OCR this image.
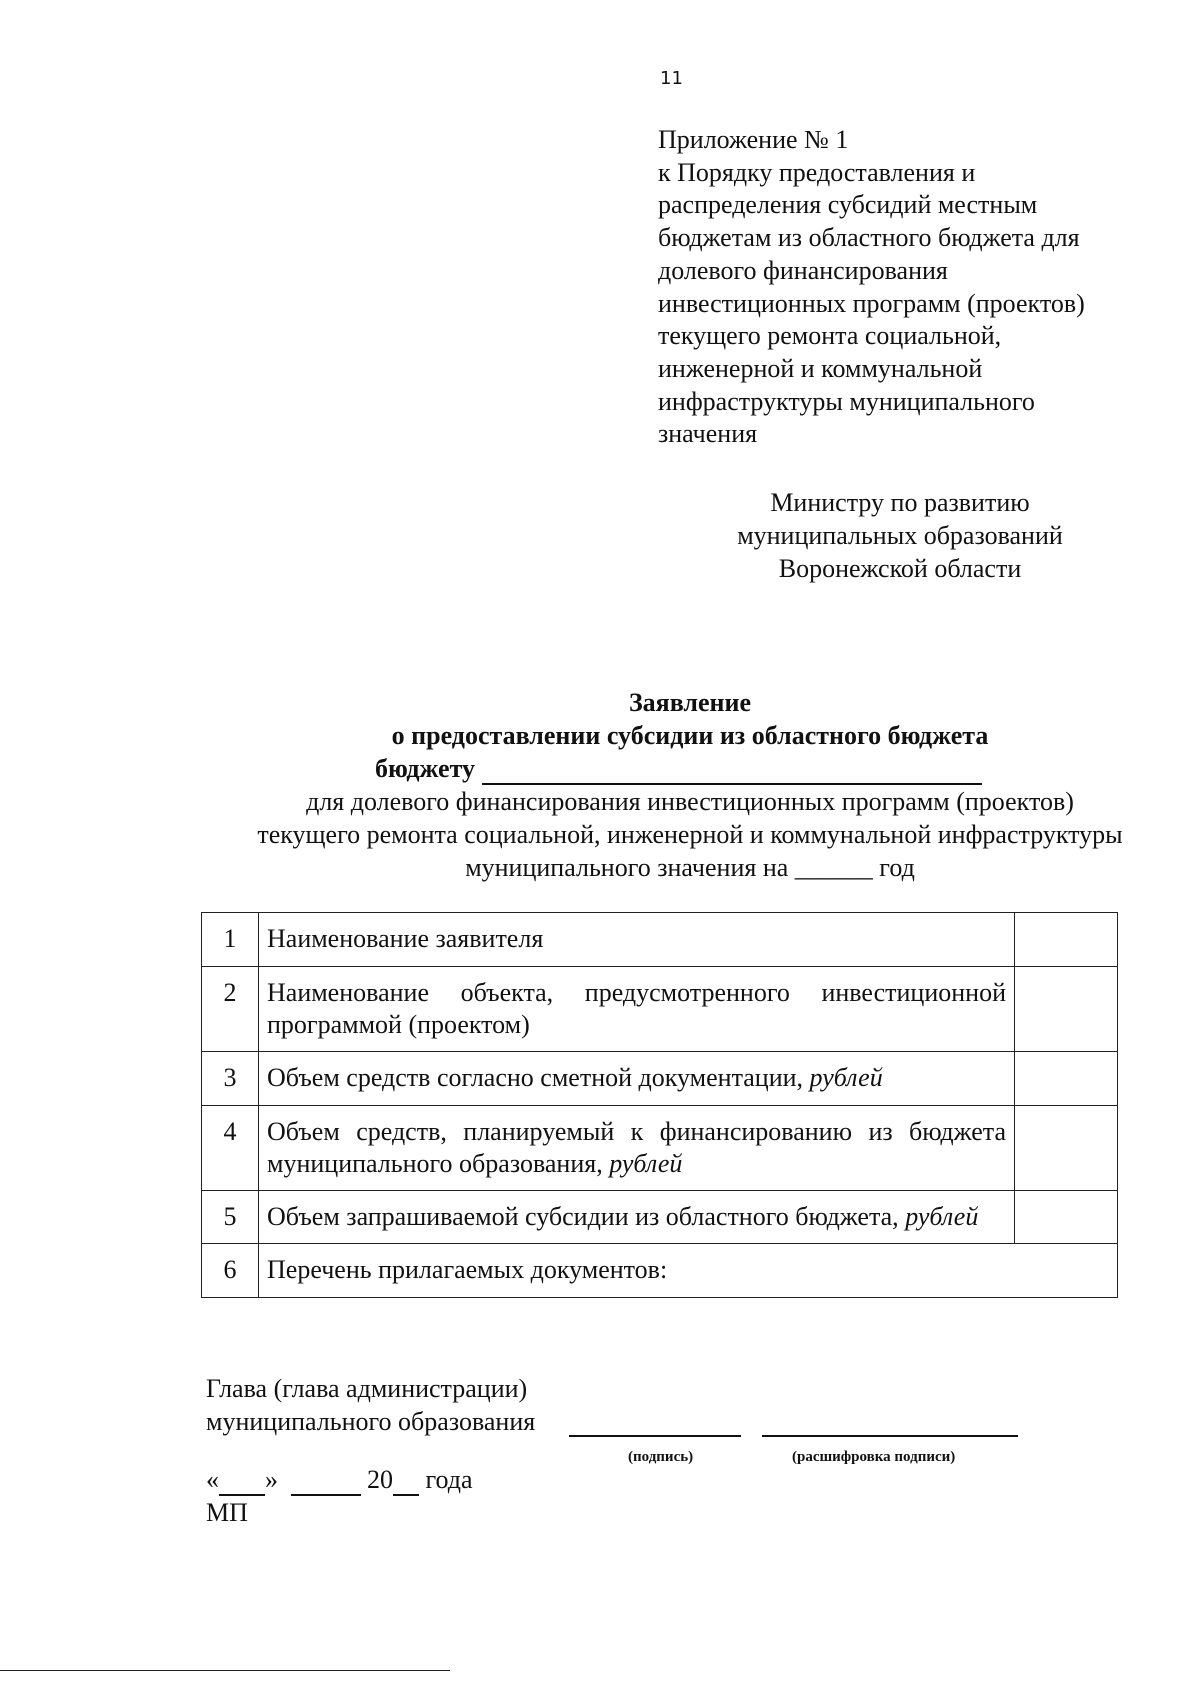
11
Приложение № 1
к Порядку предоставления и
распределения субсидий местным
бюджетам из областного бюджета для
долевого финансирования
инвестиционных программ (проектов)
текущего ремонта социальной,
инженерной и коммунальной
инфраструктуры муниципального
значения
Министру по развитию
муниципальных образований
Воронежской области
Заявление
о предоставлении субсидии из областного бюджета
бюджету
для долевого финансирования инвестиционных программ (проектов)
текущего ремонта социальной, инженерной и коммунальной инфраструктуры
муниципального значения на ______ год
1	Наименование заявителя	
2	Наименование объекта, предусмотренного инвестиционной программой (проектом)	
3	Объем средств согласно сметной документации, рублей	
4	Объем средств, планируемый к финансированию из бюджета муниципального образования, рублей	
5	Объем запрашиваемой субсидии из областного бюджета, рублей	
6	Перечень прилагаемых документов:	
Глава (глава администрации)
муниципального образования
(подпись)	(расшифровка подписи)
« »	20 года
МП
